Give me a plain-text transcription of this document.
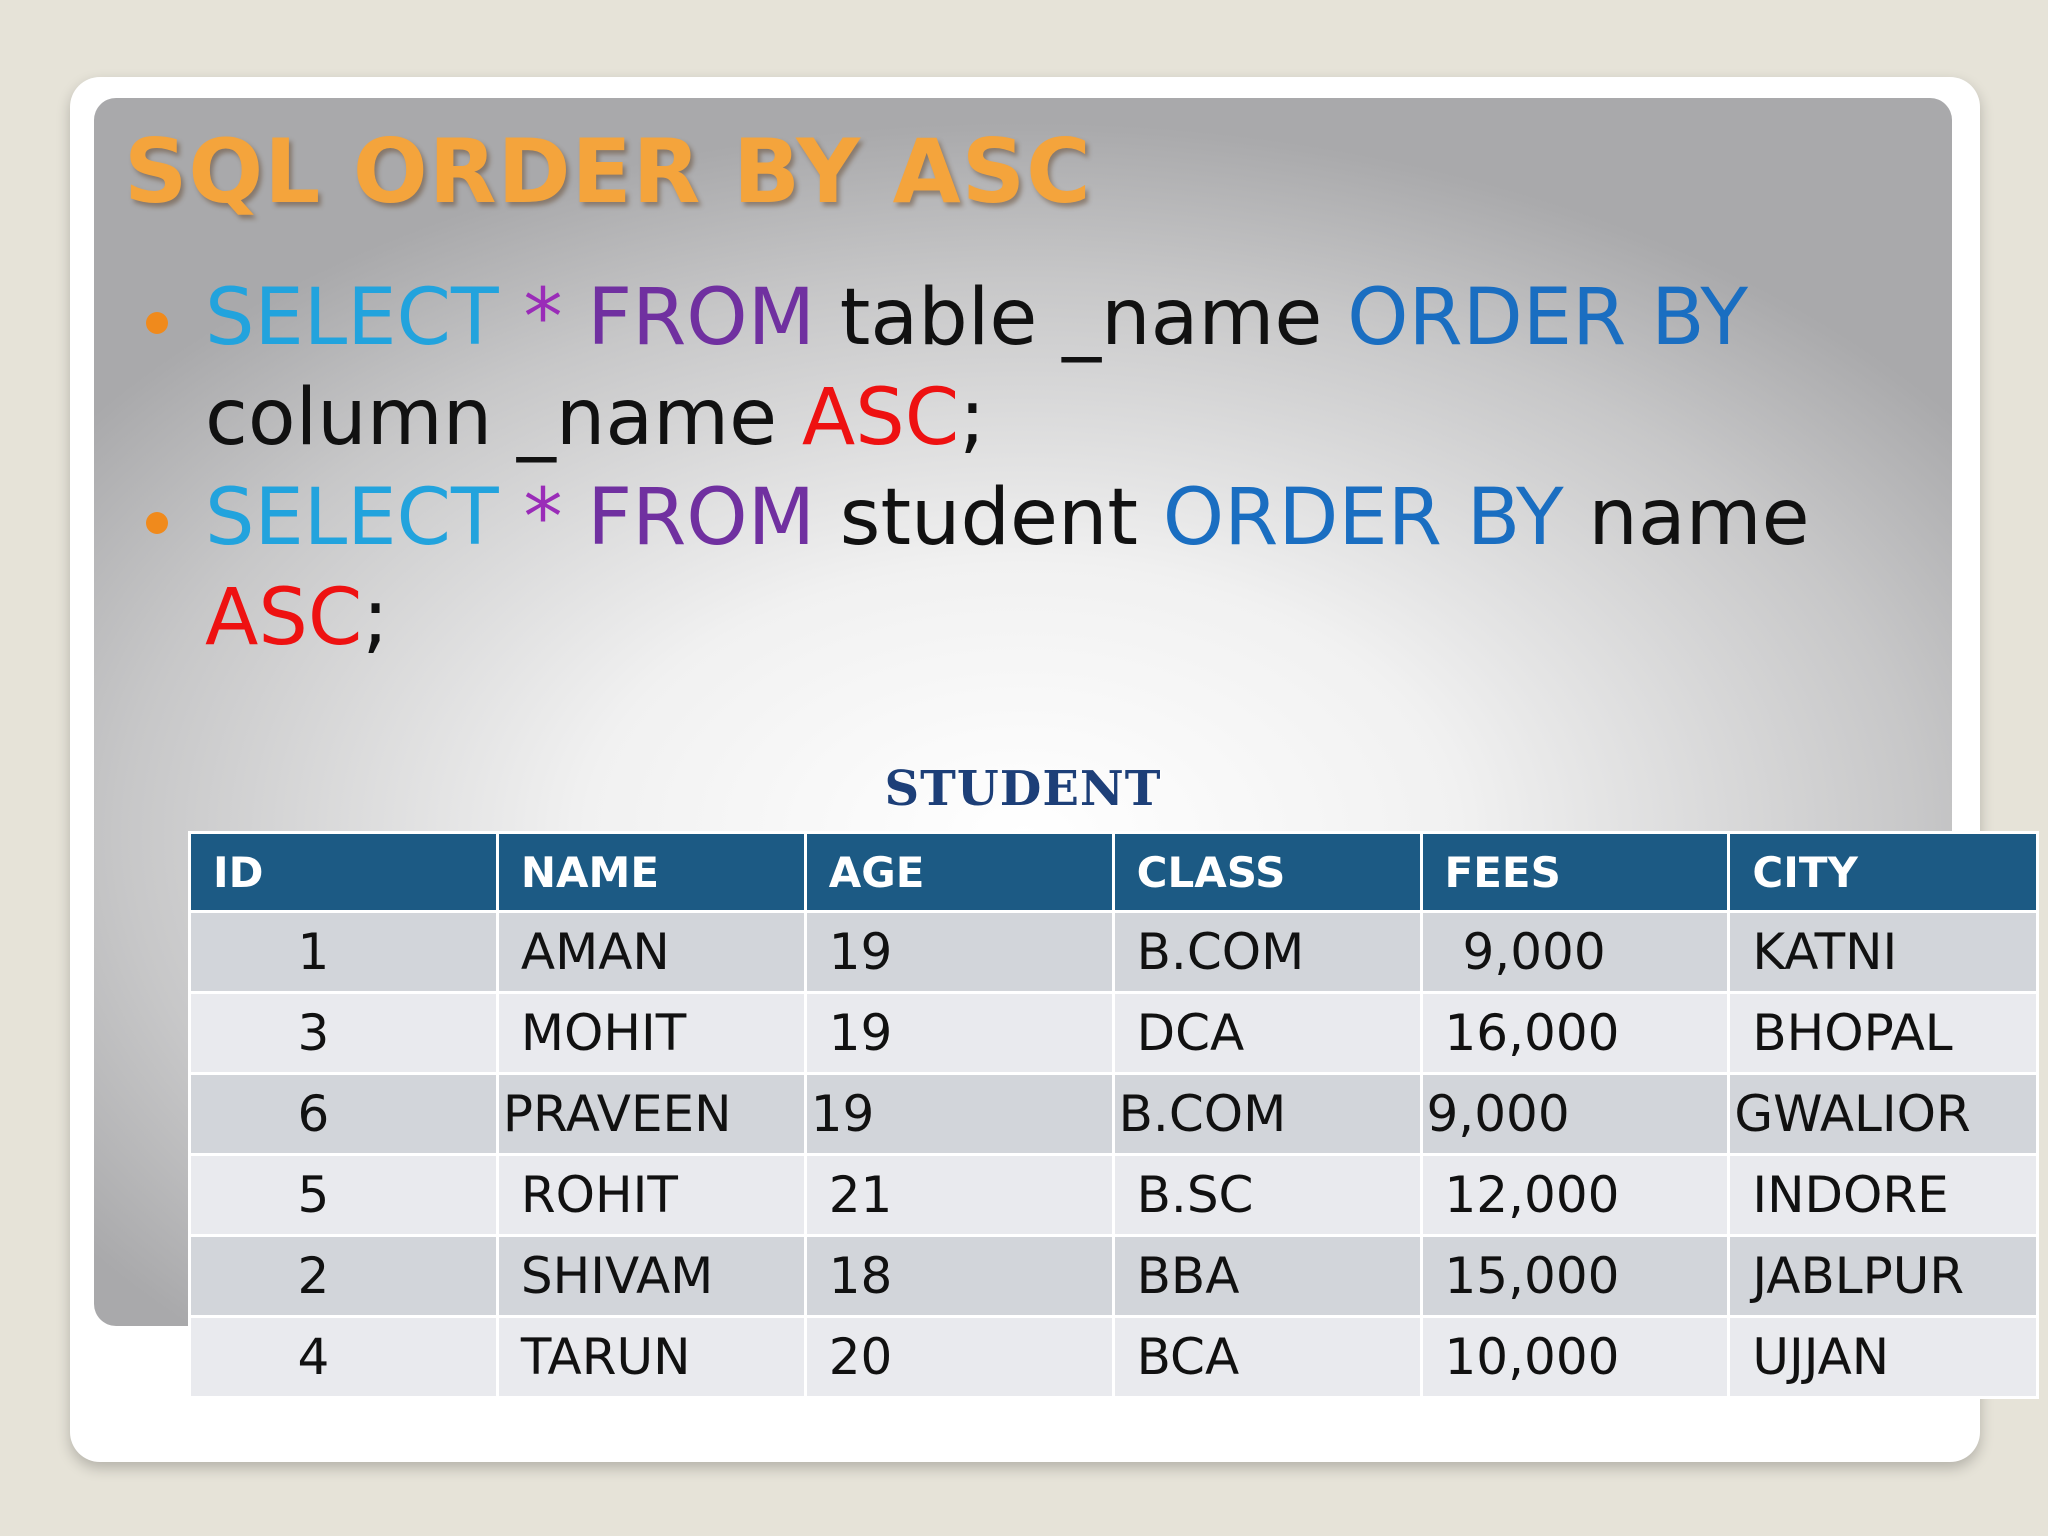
SQL ORDER BY ASC
SELECT * FROM table _name ORDER BY
column _name ASC;
SELECT * FROM student ORDER BY name
ASC;
STUDENT
ID	NAME	AGE	CLASS	FEES	CITY
1	AMAN	19	B.COM	9,000	KATNI
3	MOHIT	19	DCA	16,000	BHOPAL
6	PRAVEEN	19	B.COM	9,000	GWALIOR
5	ROHIT	21	B.SC	12,000	INDORE
2	SHIVAM	18	BBA	15,000	JABLPUR
4	TARUN	20	BCA	10,000	UJJAN
